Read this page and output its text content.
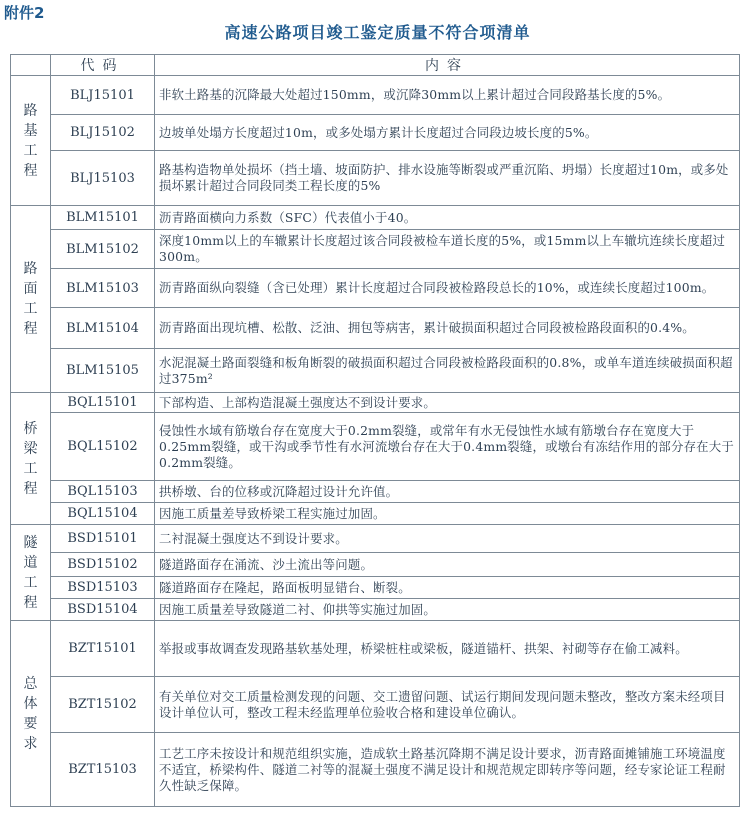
附件2
高速公路项目竣工鉴定质量不符合项清单
	代码	内容
路基工程	BLJ15101	非软土路基的沉降最大处超过150mm，或沉降30mm以上累计超过合同段路基长度的5%。
	BLJ15102	边坡单处塌方长度超过10m，或多处塌方累计长度超过合同段边坡长度的5%。
	BLJ15103	路基构造物单处损坏（挡土墙、坡面防护、排水设施等断裂或严重沉陷、坍塌）长度超过10m，或多处损坏累计超过合同段同类工程长度的5%
路面工程	BLM15101	沥青路面横向力系数（SFC）代表值小于40。
	BLM15102	深度10mm以上的车辙累计长度超过该合同段被检车道长度的5%，或15mm以上车辙坑连续长度超过300m。
	BLM15103	沥青路面纵向裂缝（含已处理）累计长度超过合同段被检路段总长的10%，或连续长度超过100m。
	BLM15104	沥青路面出现坑槽、松散、泛油、拥包等病害，累计破损面积超过合同段被检路段面积的0.4%。
	BLM15105	水泥混凝土路面裂缝和板角断裂的破损面积超过合同段被检路段面积的0.8%，或单车道连续破损面积超过375m²
桥梁工程	BQL15101	下部构造、上部构造混凝土强度达不到设计要求。
	BQL15102	侵蚀性水域有筋墩台存在宽度大于0.2mm裂缝，或常年有水无侵蚀性水域有筋墩台存在宽度大于0.25mm裂缝，或干沟或季节性有水河流墩台存在大于0.4mm裂缝，或墩台有冻结作用的部分存在大于0.2mm裂缝。
	BQL15103	拱桥墩、台的位移或沉降超过设计允许值。
	BQL15104	因施工质量差导致桥梁工程实施过加固。
隧道工程	BSD15101	二衬混凝土强度达不到设计要求。
	BSD15102	隧道路面存在涌流、沙土流出等问题。
	BSD15103	隧道路面存在隆起，路面板明显错台、断裂。
	BSD15104	因施工质量差导致隧道二衬、仰拱等实施过加固。
总体要求	BZT15101	举报或事故调查发现路基软基处理，桥梁桩柱或梁板，隧道锚杆、拱架、衬砌等存在偷工减料。
	BZT15102	有关单位对交工质量检测发现的问题、交工遗留问题、试运行期间发现问题未整改，整改方案未经项目设计单位认可，整改工程未经监理单位验收合格和建设单位确认。
	BZT15103	工艺工序未按设计和规范组织实施，造成软土路基沉降期不满足设计要求，沥青路面摊铺施工环境温度不适宜，桥梁构件、隧道二衬等的混凝土强度不满足设计和规范规定即转序等问题，经专家论证工程耐久性缺乏保障。
